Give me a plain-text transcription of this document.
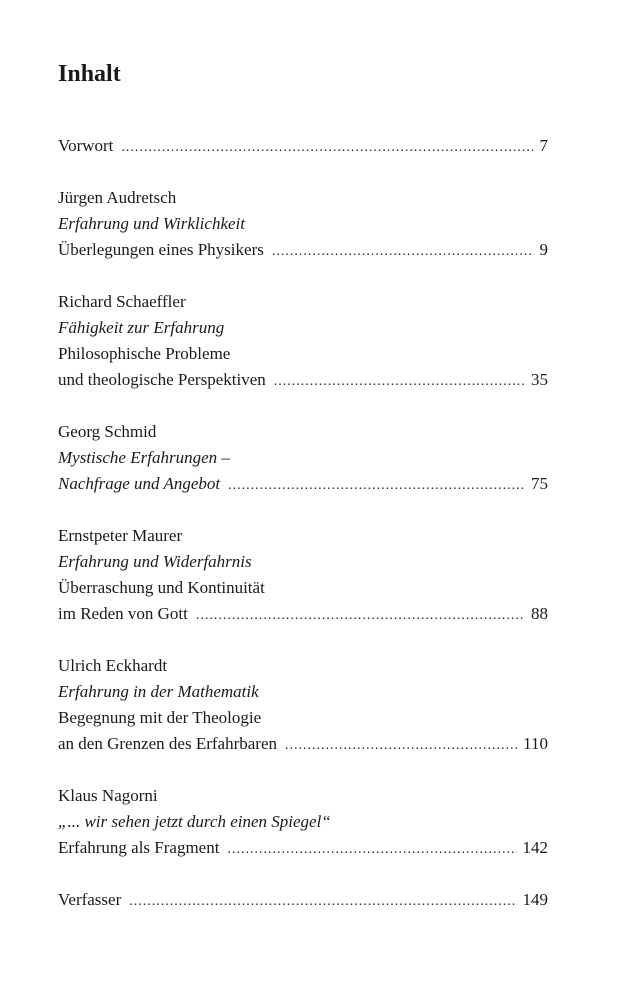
Inhalt
Vorwort .....	7
Jürgen Audretsch
Erfahrung und Wirklichkeit
Überlegungen eines Physikers .....	9
Richard Schaeffler
Fähigkeit zur Erfahrung
Philosophische Probleme
und theologische Perspektiven .....	35
Georg Schmid
Mystische Erfahrungen –
Nachfrage und Angebot .....	75
Ernstpeter Maurer
Erfahrung und Widerfahrnis
Überraschung und Kontinuität
im Reden von Gott .....	88
Ulrich Eckhardt
Erfahrung in der Mathematik
Begegnung mit der Theologie
an den Grenzen des Erfahrbaren .....	110
Klaus Nagorni
„... wir sehen jetzt durch einen Spiegel“
Erfahrung als Fragment .....	142
Verfasser .....	149
